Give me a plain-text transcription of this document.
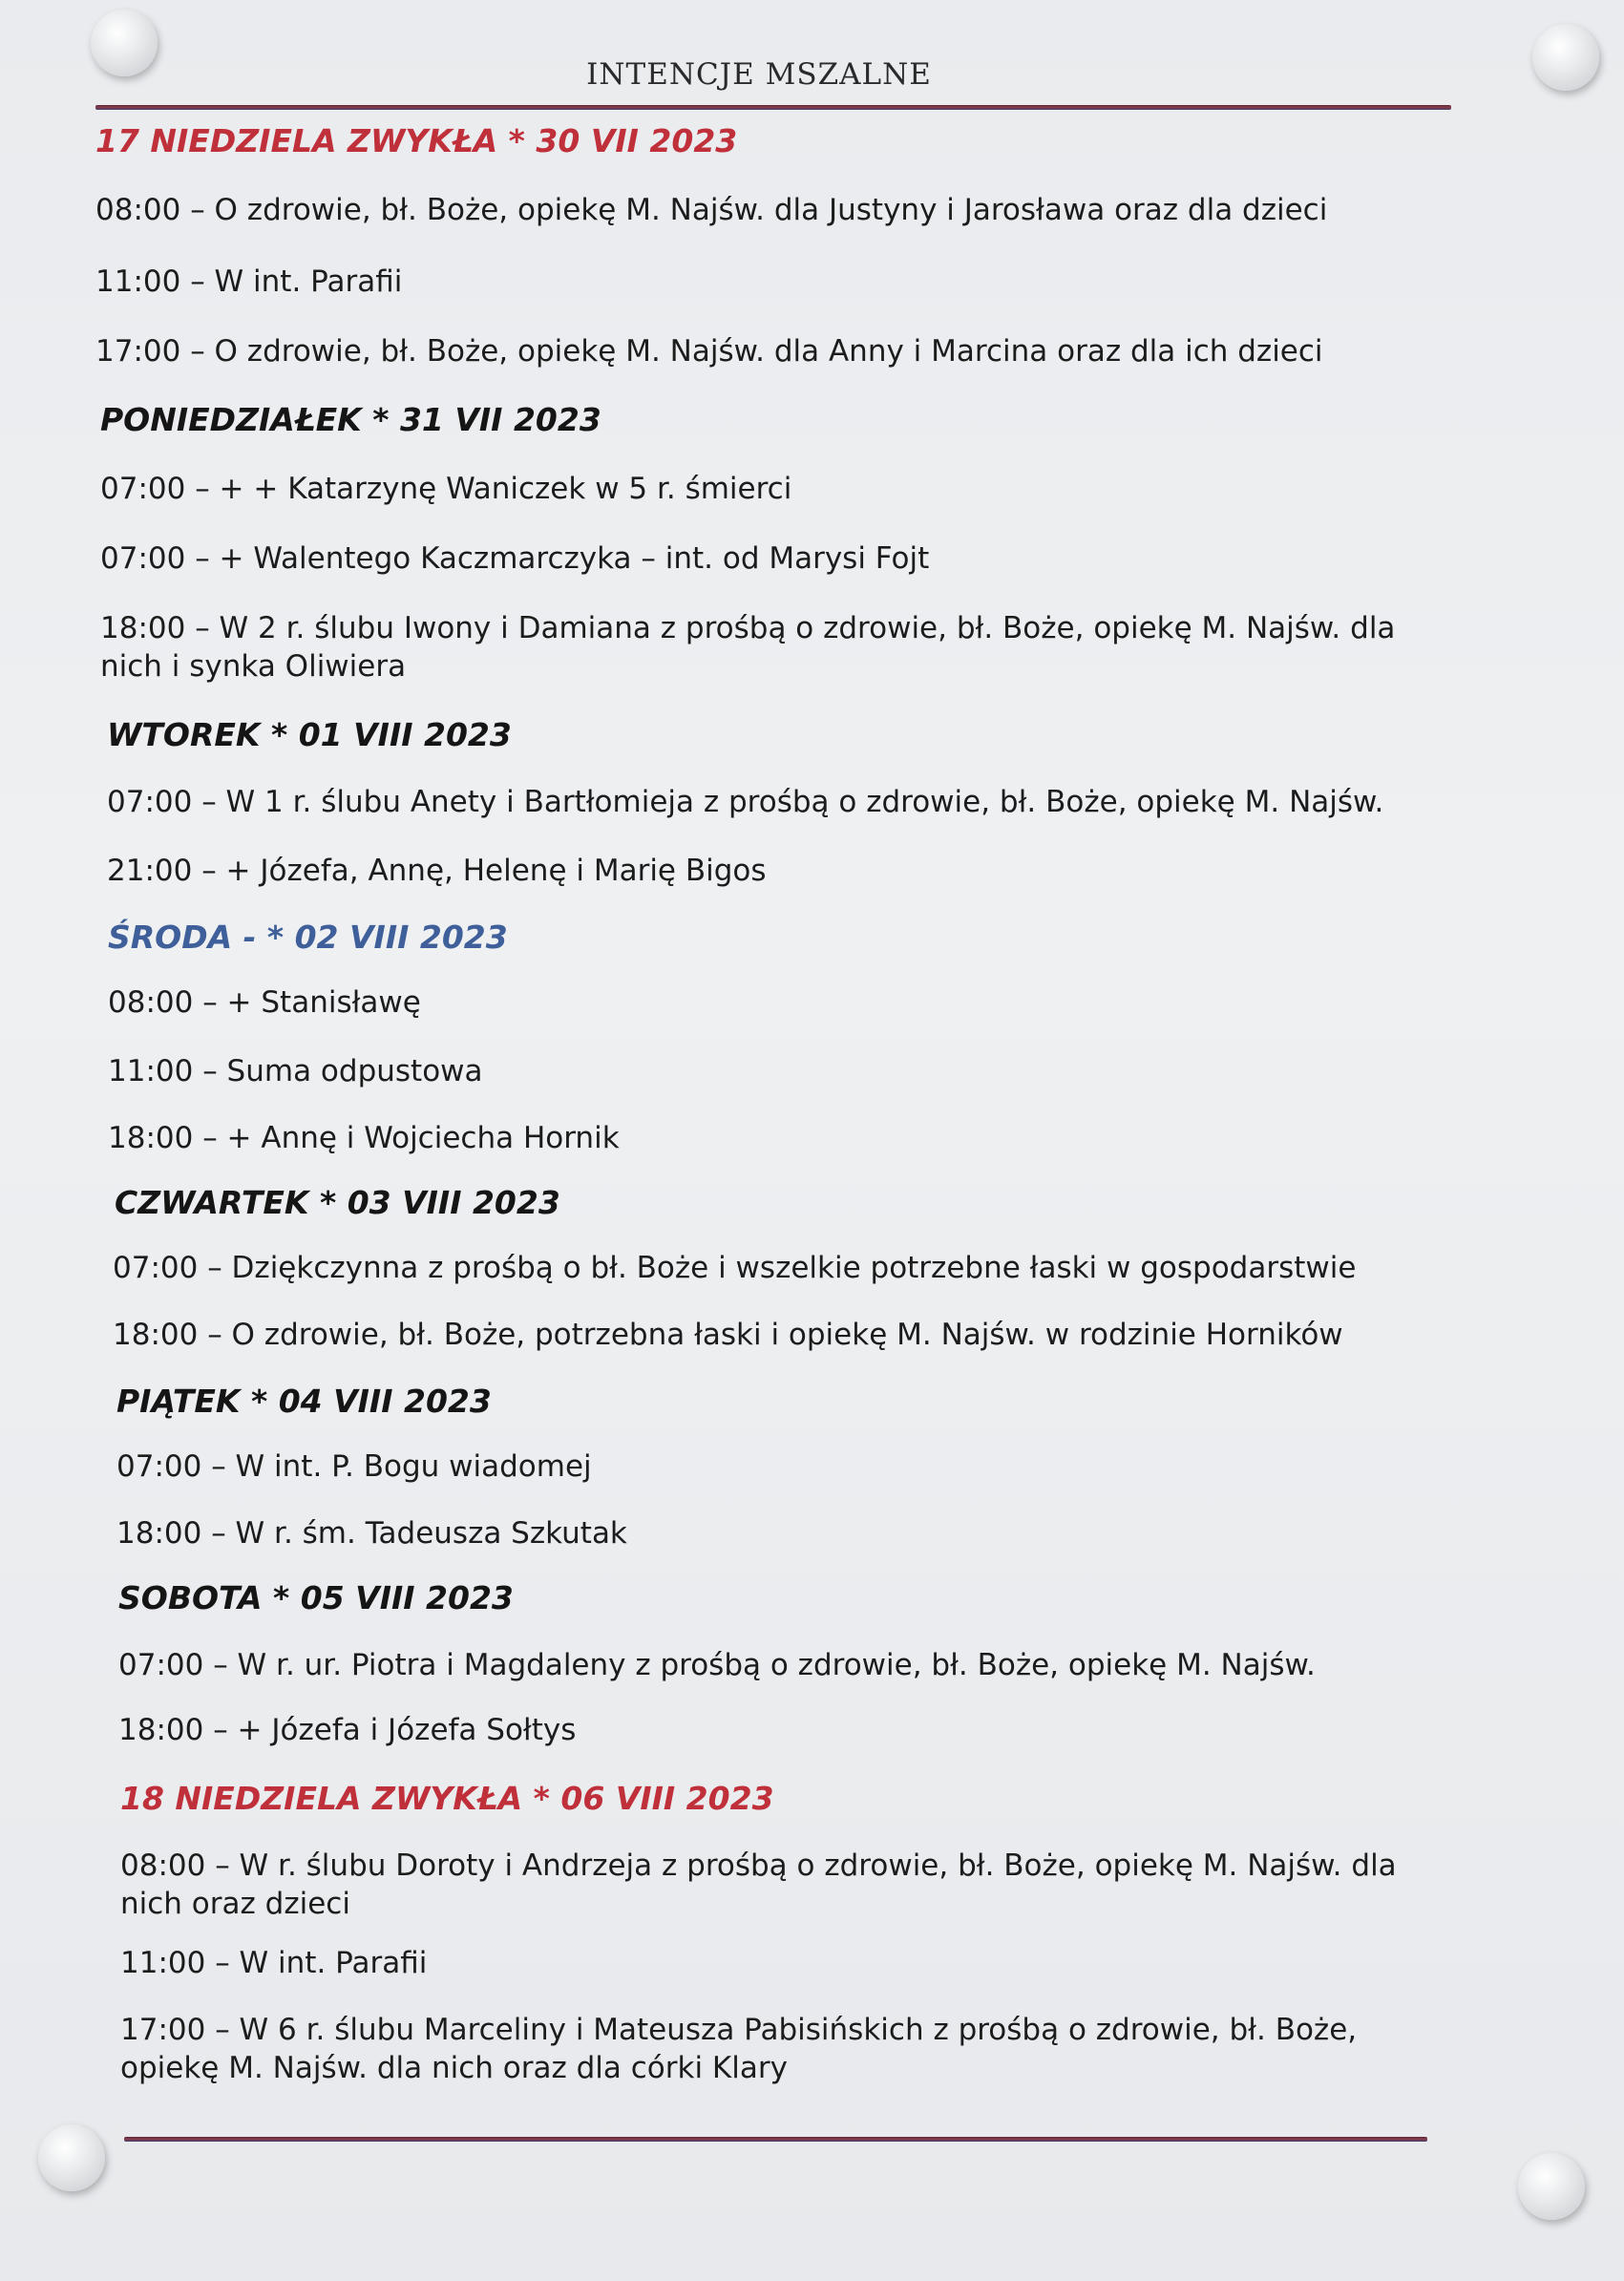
INTENCJE MSZALNE
17 NIEDZIELA ZWYKŁA * 30 VII 2023
08:00 – O zdrowie, bł. Boże, opiekę M. Najśw. dla Justyny i Jarosława oraz dla dzieci
11:00 – W int. Parafii
17:00 – O zdrowie, bł. Boże, opiekę M. Najśw. dla Anny i Marcina oraz dla ich dzieci
PONIEDZIAŁEK * 31 VII 2023
07:00 – + + Katarzynę Waniczek w 5 r. śmierci
07:00 – + Walentego Kaczmarczyka – int. od Marysi Fojt
18:00 – W 2 r. ślubu Iwony i Damiana z prośbą o zdrowie, bł. Boże, opiekę M. Najśw. dla nich i synka Oliwiera
WTOREK * 01 VIII 2023
07:00 – W 1 r. ślubu Anety i Bartłomieja z prośbą o zdrowie, bł. Boże, opiekę M. Najśw.
21:00 – + Józefa, Annę, Helenę i Marię Bigos
ŚRODA - * 02 VIII 2023
08:00 – + Stanisławę
11:00 – Suma odpustowa
18:00 – + Annę i Wojciecha Hornik
CZWARTEK * 03 VIII 2023
07:00 – Dziękczynna z prośbą o bł. Boże i wszelkie potrzebne łaski w gospodarstwie
18:00 – O zdrowie, bł. Boże, potrzebna łaski i opiekę M. Najśw. w rodzinie Horników
PIĄTEK * 04 VIII 2023
07:00 – W int. P. Bogu wiadomej
18:00 – W r. śm. Tadeusza Szkutak
SOBOTA * 05 VIII 2023
07:00 – W r. ur. Piotra i Magdaleny z prośbą o zdrowie, bł. Boże, opiekę M. Najśw.
18:00 – + Józefa i Józefa Sołtys
18 NIEDZIELA ZWYKŁA * 06 VIII 2023
08:00 – W r. ślubu Doroty i Andrzeja z prośbą o zdrowie, bł. Boże, opiekę M. Najśw. dla nich oraz dzieci
11:00 – W int. Parafii
17:00 – W 6 r. ślubu Marceliny i Mateusza Pabisińskich z prośbą o zdrowie, bł. Boże, opiekę M. Najśw. dla nich oraz dla córki Klary
